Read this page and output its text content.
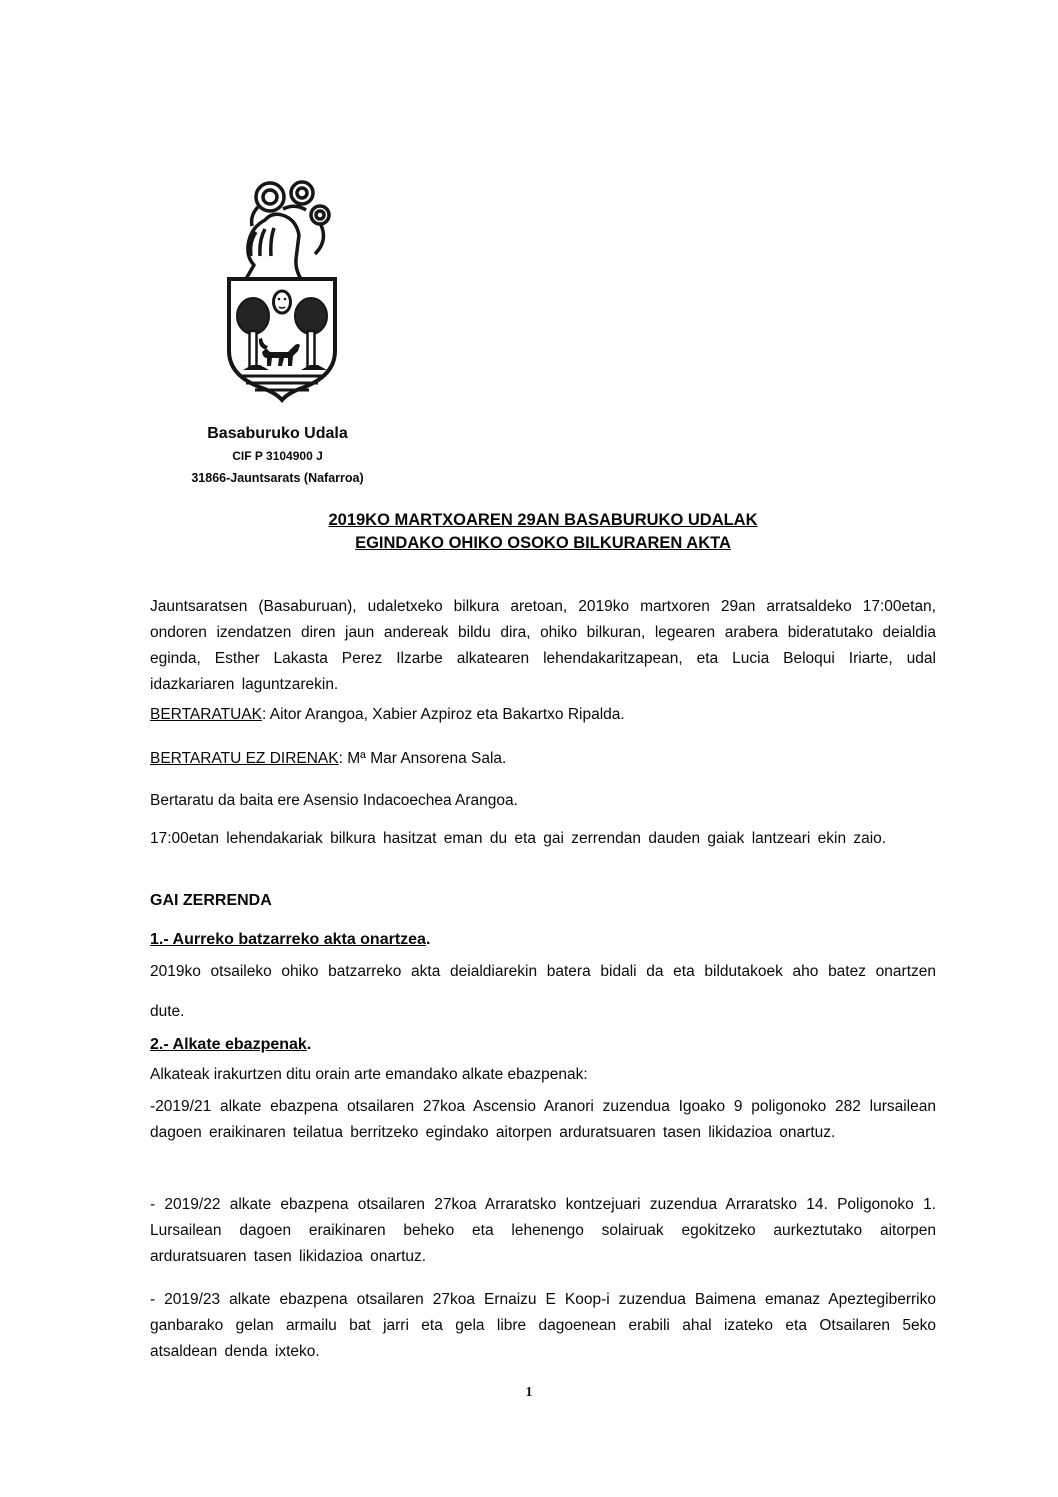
Basaburuko Udala
CIF P 3104900 J
31866-Jauntsarats (Nafarroa)
2019KO MARTXOAREN 29AN BASABURUKO UDALAK
EGINDAKO OHIKO OSOKO BILKURAREN AKTA

Jauntsaratsen (Basaburuan), udaletxeko bilkura aretoan, 2019ko martxoren 29an arratsaldeko 17:00etan, ondoren izendatzen diren jaun andereak bildu dira, ohiko bilkuran, legearen arabera bideratutako deialdia eginda, Esther Lakasta Perez Ilzarbe alkatearen lehendakaritzapean, eta Lucia Beloqui Iriarte, udal idazkariaren laguntzarekin.

BERTARATUAK: Aitor Arangoa, Xabier Azpiroz eta Bakartxo Ripalda.

BERTARATU EZ DIRENAK: Mª Mar Ansorena Sala.

Bertaratu da baita ere Asensio Indacoechea Arangoa.

17:00etan lehendakariak bilkura hasitzat eman du eta gai zerrendan dauden gaiak lantzeari ekin zaio.

GAI ZERRENDA

1.- Aurreko batzarreko akta onartzea.

2019ko otsaileko ohiko batzarreko akta deialdiarekin batera bidali da eta bildutakoek aho batez onartzen dute.

2.- Alkate ebazpenak.

Alkateak irakurtzen ditu orain arte emandako alkate ebazpenak:

-2019/21 alkate ebazpena otsailaren 27koa Ascensio Aranori zuzendua Igoako 9 poligonoko 282 lursailean dagoen eraikinaren teilatua berritzeko egindako aitorpen arduratsuaren tasen likidazioa onartuz.

- 2019/22 alkate ebazpena otsailaren 27koa Arraratsko kontzejuari zuzendua Arraratsko 14. Poligonoko 1. Lursailean dagoen eraikinaren beheko eta lehenengo solairuak egokitzeko aurkeztutako aitorpen arduratsuaren tasen likidazioa onartuz.

- 2019/23 alkate ebazpena otsailaren 27koa Ernaizu E Koop-i zuzendua Baimena emanaz Apeztegiberriko ganbarako gelan armailu bat jarri eta gela libre dagoenean erabili ahal izateko eta Otsailaren 5eko atsaldean denda ixteko.

1
